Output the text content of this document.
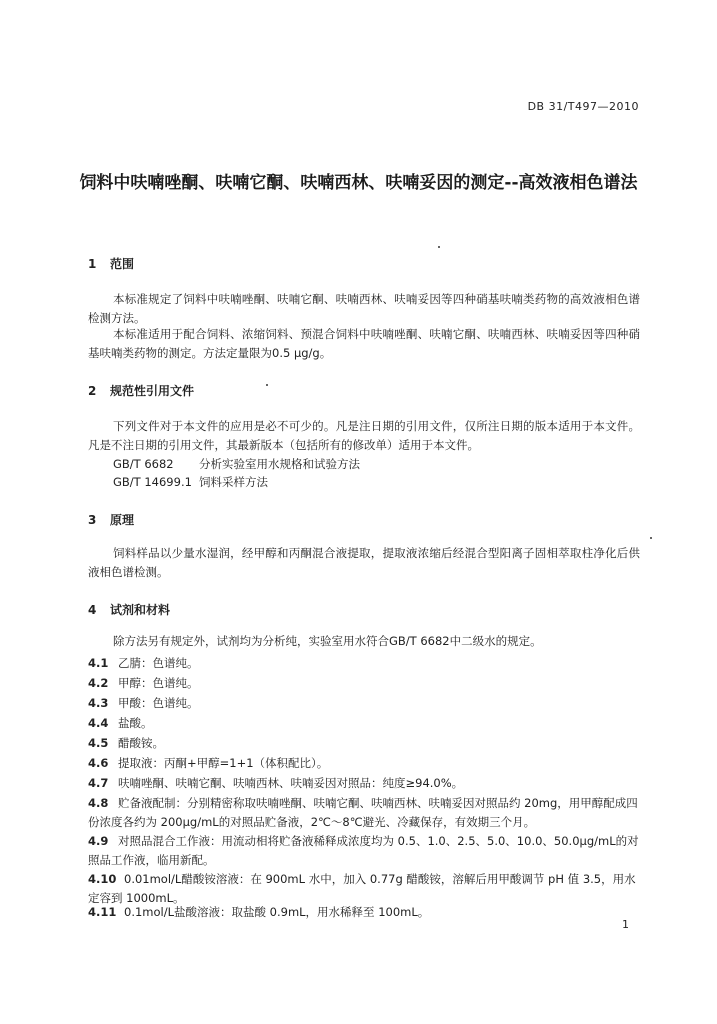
DB 31/T497—2010
饲料中呋喃唑酮、呋喃它酮、呋喃西林、呋喃妥因的测定--高效液相色谱法
1 范围

本标准规定了饲料中呋喃唑酮、呋喃它酮、呋喃西林、呋喃妥因等四种硝基呋喃类药物的高效液相色谱检测方法。

本标准适用于配合饲料、浓缩饲料、预混合饲料中呋喃唑酮、呋喃它酮、呋喃西林、呋喃妥因等四种硝基呋喃类药物的测定。方法定量限为0.5 μg/g。

2 规范性引用文件

下列文件对于本文件的应用是必不可少的。凡是注日期的引用文件，仅所注日期的版本适用于本文件。凡是不注日期的引用文件，其最新版本（包括所有的修改单）适用于本文件。

GB/T 6682 分析实验室用水规格和试验方法
GB/T 14699.1 饲料采样方法
3 原理

饲料样品以少量水湿润，经甲醇和丙酮混合液提取，提取液浓缩后经混合型阳离子固相萃取柱净化后供液相色谱检测。

4 试剂和材料

除方法另有规定外，试剂均为分析纯，实验室用水符合GB/T 6682中二级水的规定。

4.1 乙腈：色谱纯。

4.2 甲醇：色谱纯。

4.3 甲酸：色谱纯。

4.4 盐酸。

4.5 醋酸铵。

4.6 提取液：丙酮+甲醇=1+1（体积配比）。

4.7 呋喃唑酮、呋喃它酮、呋喃西林、呋喃妥因对照品：纯度≥94.0%。

4.8 贮备液配制：分别精密称取呋喃唑酮、呋喃它酮、呋喃西林、呋喃妥因对照品约 20mg，用甲醇配成四份浓度各约为 200μg/mL的对照品贮备液，2℃～8℃避光、冷藏保存，有效期三个月。

4.9 对照品混合工作液：用流动相将贮备液稀释成浓度均为 0.5、1.0、2.5、5.0、10.0、50.0μg/mL的对照品工作液，临用新配。

4.10 0.01mol/L醋酸铵溶液：在 900mL 水中，加入 0.77g 醋酸铵，溶解后用甲酸调节 pH 值 3.5，用水定容到 1000mL。

4.11 0.1mol/L盐酸溶液：取盐酸 0.9mL，用水稀释至 100mL。

1
